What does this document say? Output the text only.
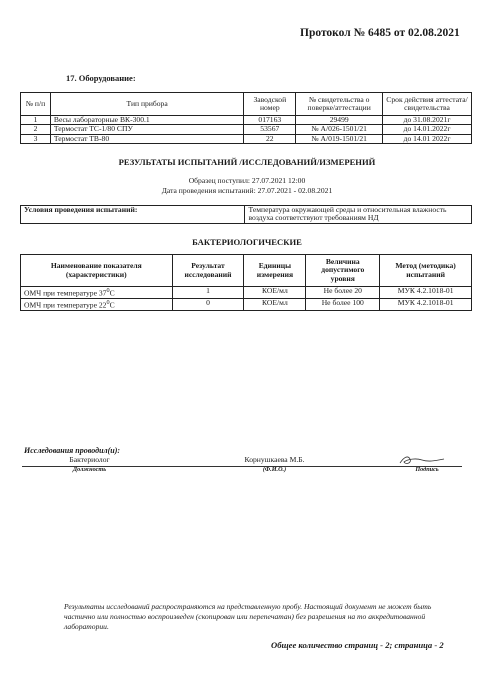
Протокол № 6485 от 02.08.2021
17. Оборудование:
№ п/п	Тип прибора	Заводской номер	№ свидетельства о поверке/аттестации	Срок действия аттестата/свидетельства
1	Весы лабораторные ВК-300.1	017163	29499	до 31.08.2021г
2	Термостат ТС-1/80 СПУ	53567	№ А/026-1501/21	до 14.01.2022г
3	Термостат ТВ-80	22	№ А/019-1501/21	до 14.01 2022г
РЕЗУЛЬТАТЫ ИСПЫТАНИЙ /ИССЛЕДОВАНИЙ/ИЗМЕРЕНИЙ
Образец поступил: 27.07.2021 12:00
Дата проведения испытаний: 27.07.2021 - 02.08.2021
Условия проведения испытаний:	Температура окружающей среды и относительная влажность воздуха соответствуют требованиям НД
БАКТЕРИОЛОГИЧЕСКИЕ
Наименование показателя (характеристики)	Результат исследований	Единицы измерения	Величина допустимого уровня	Метод (методика) испытаний
ОМЧ при температуре $37^0С$	1	КОЕ/мл	Не более 20	МУК 4.2.1018-01
ОМЧ при температуре $22^0С$	0	КОЕ/мл	Не более 100	МУК 4.2.1018-01
Исследования проводил(и):
Бактериолог
Должность
Корнушкаева М.Б.
(Ф.И.О.)	Подпись
Результаты исследований распространяются на представленную пробу. Настоящий документ не может быть частично или полностью воспроизведен (скопирован или перепечатан) без разрешения на то аккредитованной лаборатории.
Общее количество страниц - 2; страница - 2
